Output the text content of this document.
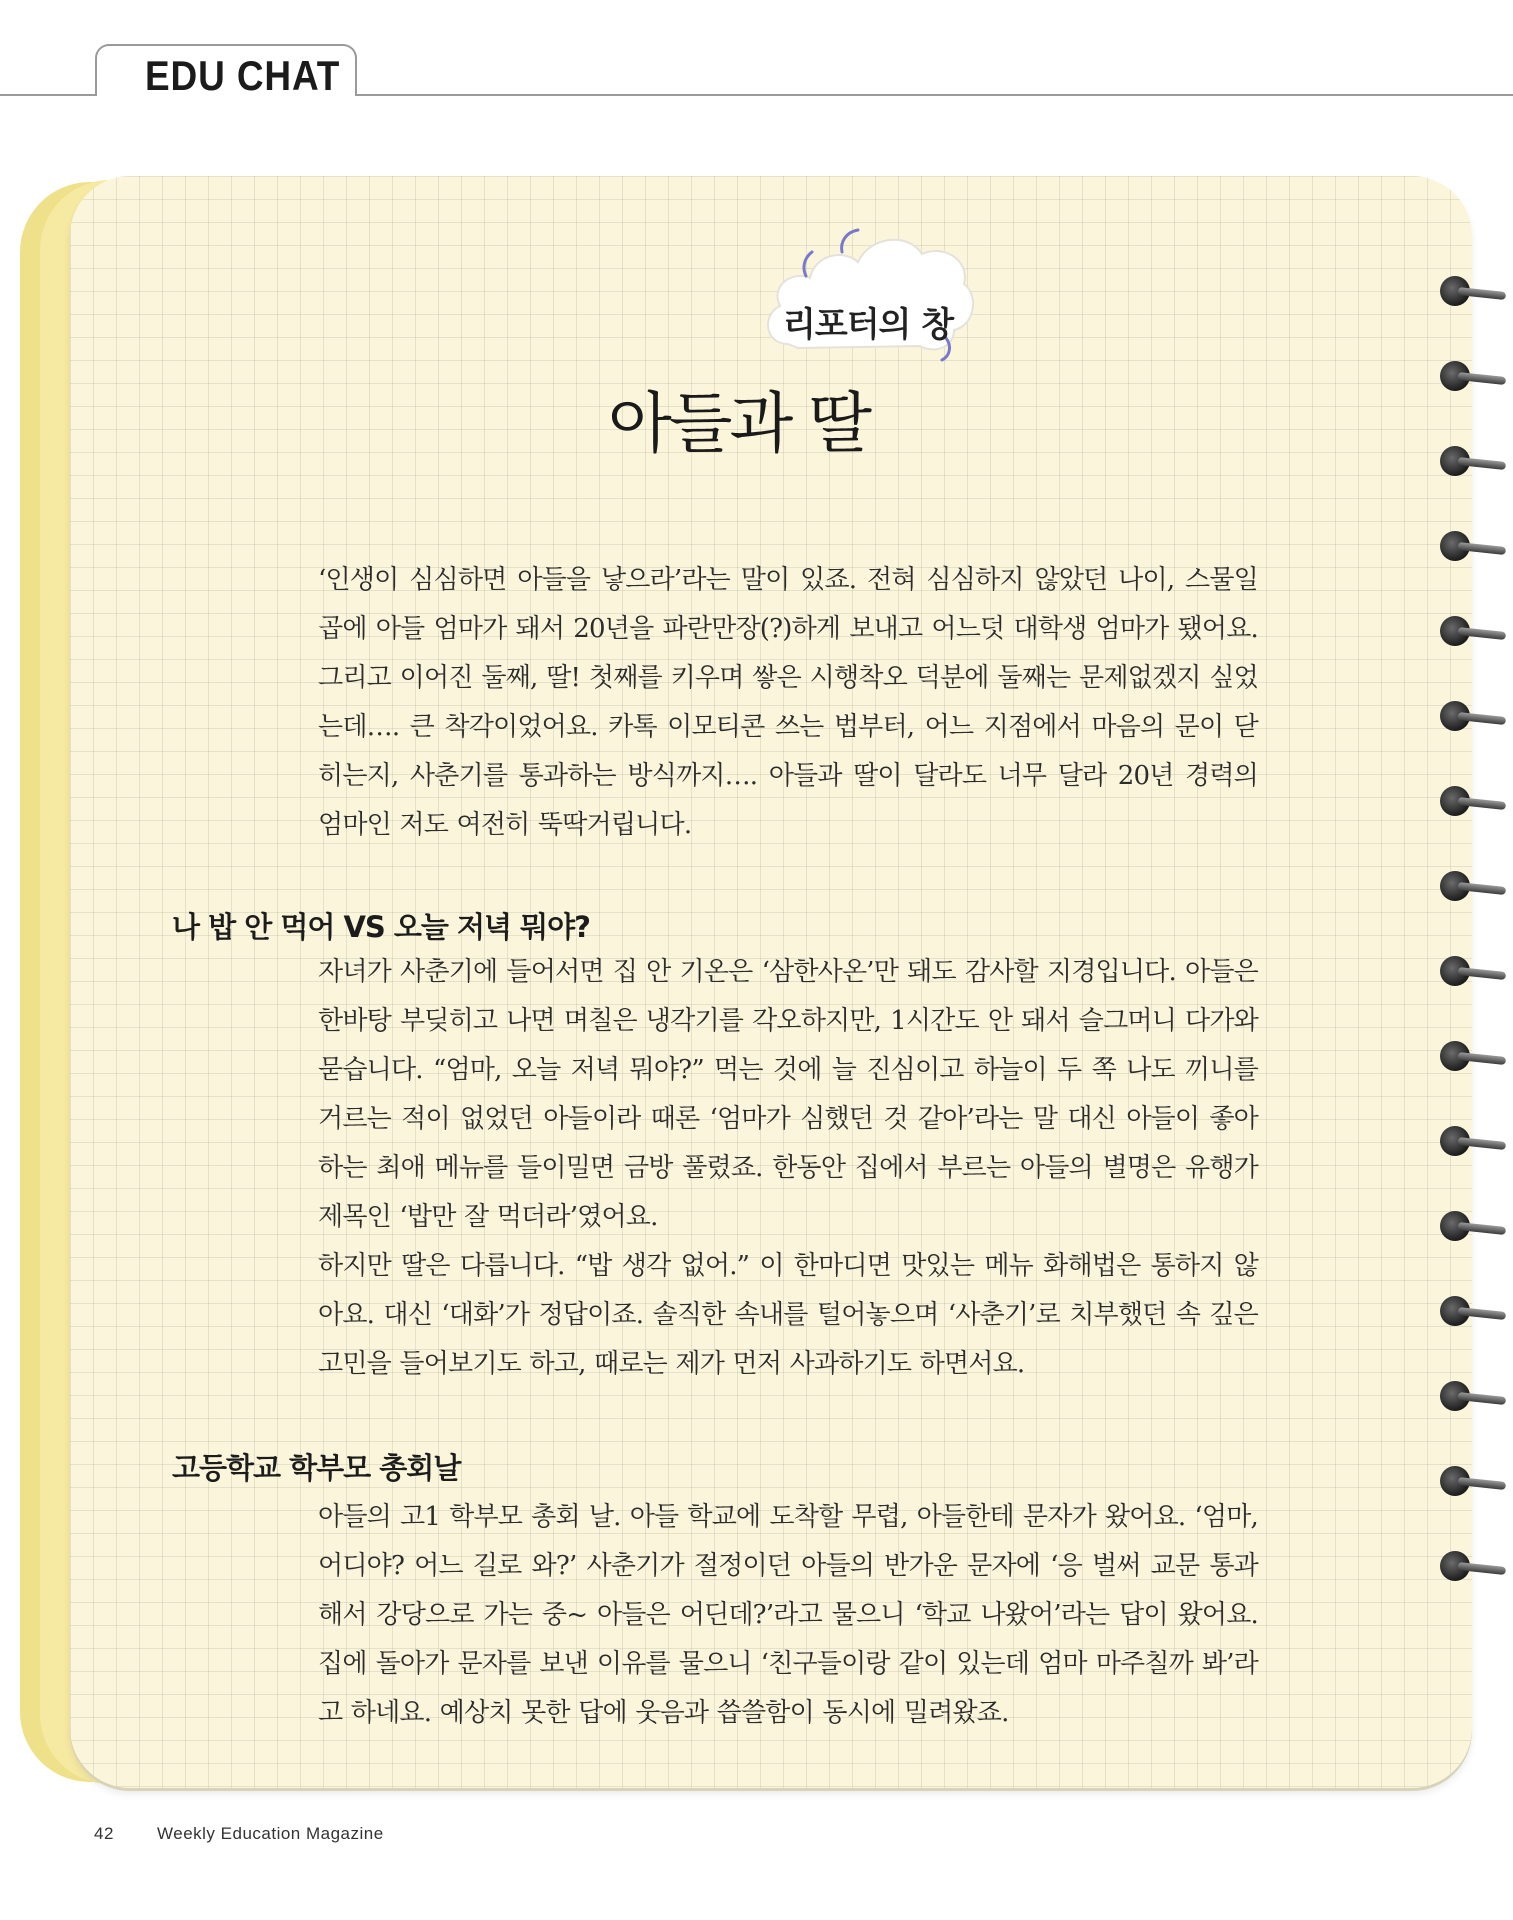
EDU CHAT
리포터의 창
아들과 딸

‘인생이 심심하면 아들을 낳으라’라는 말이 있죠. 전혀 심심하지 않았던 나이, 스물일곱에 아들 엄마가 돼서 20년을 파란만장(?)하게 보내고 어느덧 대학생 엄마가 됐어요. 그리고 이어진 둘째, 딸! 첫째를 키우며 쌓은 시행착오 덕분에 둘째는 문제없겠지 싶었는데…. 큰 착각이었어요. 카톡 이모티콘 쓰는 법부터, 어느 지점에서 마음의 문이 닫히는지, 사춘기를 통과하는 방식까지…. 아들과 딸이 달라도 너무 달라 20년 경력의 엄마인 저도 여전히 뚝딱거립니다.

나 밥 안 먹어 VS 오늘 저녁 뭐야?

자녀가 사춘기에 들어서면 집 안 기온은 ‘삼한사온’만 돼도 감사할 지경입니다. 아들은 한바탕 부딪히고 나면 며칠은 냉각기를 각오하지만, 1시간도 안 돼서 슬그머니 다가와 묻습니다. “엄마, 오늘 저녁 뭐야?” 먹는 것에 늘 진심이고 하늘이 두 쪽 나도 끼니를 거르는 적이 없었던 아들이라 때론 ‘엄마가 심했던 것 같아’라는 말 대신 아들이 좋아하는 최애 메뉴를 들이밀면 금방 풀렸죠. 한동안 집에서 부르는 아들의 별명은 유행가 제목인 ‘밥만 잘 먹더라’였어요.

하지만 딸은 다릅니다. “밥 생각 없어.” 이 한마디면 맛있는 메뉴 화해법은 통하지 않아요. 대신 ‘대화’가 정답이죠. 솔직한 속내를 털어놓으며 ‘사춘기’로 치부했던 속 깊은 고민을 들어보기도 하고, 때로는 제가 먼저 사과하기도 하면서요.

고등학교 학부모 총회날

아들의 고1 학부모 총회 날. 아들 학교에 도착할 무렵, 아들한테 문자가 왔어요. ‘엄마, 어디야? 어느 길로 와?’ 사춘기가 절정이던 아들의 반가운 문자에 ‘응 벌써 교문 통과해서 강당으로 가는 중~ 아들은 어딘데?’라고 물으니 ‘학교 나왔어’라는 답이 왔어요. 집에 돌아가 문자를 보낸 이유를 물으니 ‘친구들이랑 같이 있는데 엄마 마주칠까 봐’라고 하네요. 예상치 못한 답에 웃음과 씁쓸함이 동시에 밀려왔죠.

42	Weekly Education Magazine
